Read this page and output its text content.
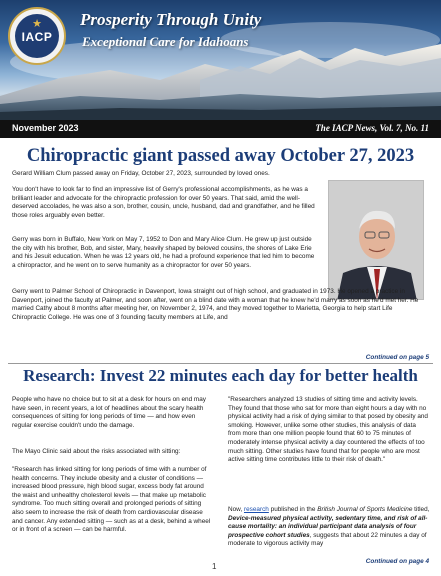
★
IACP
Prosperity Through Unity
Exceptional Care for Idahoans
November 2023	The IACP News, Vol. 7, No. 11
Chiropractic giant passed away October 27, 2023

Gerard William Clum passed away on Friday, October 27, 2023, surrounded by loved ones.

You don't have to look far to find an impressive list of Gerry's professional accomplishments, as he was a brilliant leader and advocate for the chiropractic profession for over 50 years. That said, amid the well-deserved accolades, he was also a son, brother, cousin, uncle, husband, dad and grandfather, and he filled those roles arguably even better.

Gerry was born in Buffalo, New York on May 7, 1952 to Don and Mary Alice Clum. He grew up just outside the city with his brother, Bob, and sister, Mary, heavily shaped by beloved cousins, the shores of Lake Erie and his Jesuit education. When he was 12 years old, he had a profound experience that led him to become a chiropractor, and he went on to serve humanity as a chiropractor for over 50 years.

Gerry went to Palmer School of Chiropractic in Davenport, Iowa straight out of high school, and graduated in 1973. He opened a practice in Davenport, joined the faculty at Palmer, and soon after, went on a blind date with a woman that he knew he'd marry as soon as he'd met her. He married Cathy about 8 months after meeting her, on November 2, 1974, and they moved together to Marietta, Georgia to help start Life Chiropractic College. He was one of 3 founding faculty members at Life, and

Continued on page 5
Research: Invest 22 minutes each day for better health

People who have no choice but to sit at a desk for hours on end may have seen, in recent years, a lot of headlines about the scary health consequences of sitting for long periods of time — and how even regular exercise couldn't undo the damage.

The Mayo Clinic said about the risks associated with sitting:

"Research has linked sitting for long periods of time with a number of health concerns. They include obesity and a cluster of conditions — increased blood pressure, high blood sugar, excess body fat around the waist and unhealthy cholesterol levels — that make up metabolic syndrome. Too much sitting overall and prolonged periods of sitting also seem to increase the risk of death from cardiovascular disease and cancer. Any extended sitting — such as at a desk, behind a wheel or in front of a screen — can be harmful.

"Researchers analyzed 13 studies of sitting time and activity levels. They found that those who sat for more than eight hours a day with no physical activity had a risk of dying similar to that posed by obesity and smoking. However, unlike some other studies, this analysis of data from more than one million people found that 60 to 75 minutes of moderately intense physical activity a day countered the effects of too much sitting. Other studies have found that for people who are most active sitting time contributes little to their risk of death."

Now, research published in the British Journal of Sports Medicine titled, Device-measured physical activity, sedentary time, and risk of all-cause mortality: an individual participant data analysis of four prospective cohort studies, suggests that about 22 minutes a day of moderate to vigorous activity may

Continued on page 4
1
